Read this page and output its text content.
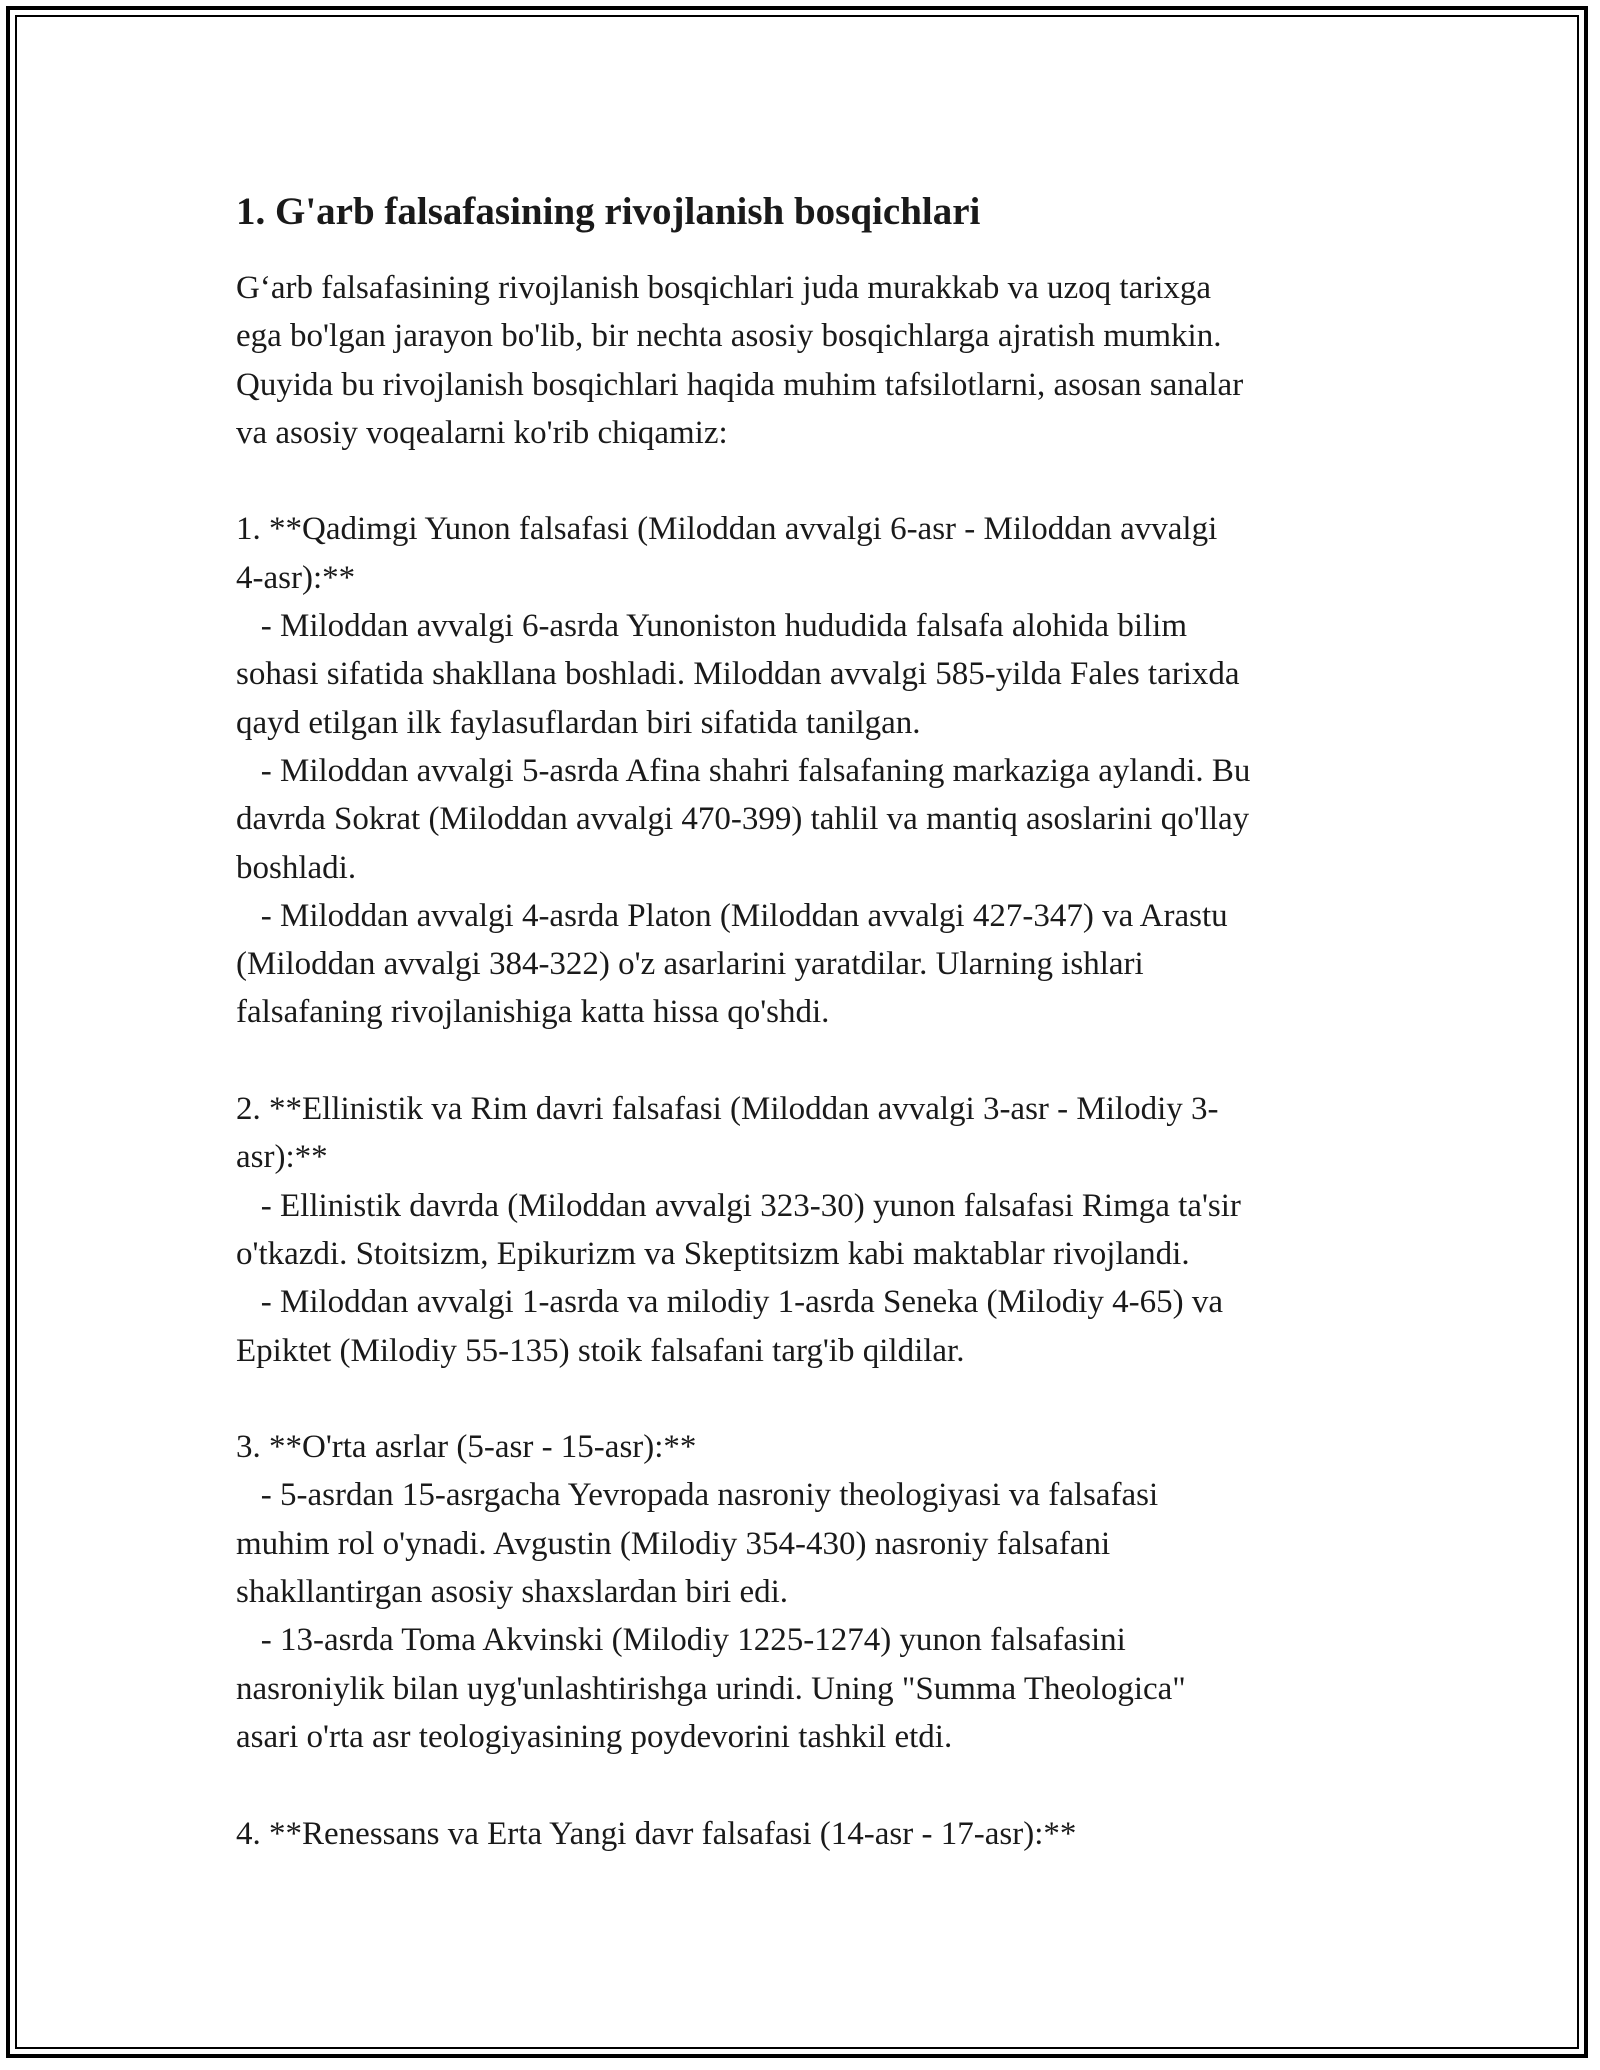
1. G'arb falsafasining rivojlanish bosqichlari

G‘arb falsafasining rivojlanish bosqichlari juda murakkab va uzoq tarixga
ega bo'lgan jarayon bo'lib, bir nechta asosiy bosqichlarga ajratish mumkin.
Quyida bu rivojlanish bosqichlari haqida muhim tafsilotlarni, asosan sanalar
va asosiy voqealarni ko'rib chiqamiz:

1. **Qadimgi Yunon falsafasi (Miloddan avvalgi 6-asr - Miloddan avvalgi
4-asr):**

- Miloddan avvalgi 6-asrda Yunoniston hududida falsafa alohida bilim
sohasi sifatida shakllana boshladi. Miloddan avvalgi 585-yilda Fales tarixda
qayd etilgan ilk faylasuflardan biri sifatida tanilgan.

- Miloddan avvalgi 5-asrda Afina shahri falsafaning markaziga aylandi. Bu
davrda Sokrat (Miloddan avvalgi 470-399) tahlil va mantiq asoslarini qo'llay
boshladi.

- Miloddan avvalgi 4-asrda Platon (Miloddan avvalgi 427-347) va Arastu
(Miloddan avvalgi 384-322) o'z asarlarini yaratdilar. Ularning ishlari
falsafaning rivojlanishiga katta hissa qo'shdi.

2. **Ellinistik va Rim davri falsafasi (Miloddan avvalgi 3-asr - Milodiy 3-
asr):**

- Ellinistik davrda (Miloddan avvalgi 323-30) yunon falsafasi Rimga ta'sir
o'tkazdi. Stoitsizm, Epikurizm va Skeptitsizm kabi maktablar rivojlandi.

- Miloddan avvalgi 1-asrda va milodiy 1-asrda Seneka (Milodiy 4-65) va
Epiktet (Milodiy 55-135) stoik falsafani targ'ib qildilar.

3. **O'rta asrlar (5-asr - 15-asr):**

- 5-asrdan 15-asrgacha Yevropada nasroniy theologiyasi va falsafasi
muhim rol o'ynadi. Avgustin (Milodiy 354-430) nasroniy falsafani
shakllantirgan asosiy shaxslardan biri edi.

- 13-asrda Toma Akvinski (Milodiy 1225-1274) yunon falsafasini
nasroniylik bilan uyg'unlashtirishga urindi. Uning "Summa Theologica"
asari o'rta asr teologiyasining poydevorini tashkil etdi.

4. **Renessans va Erta Yangi davr falsafasi (14-asr - 17-asr):**
